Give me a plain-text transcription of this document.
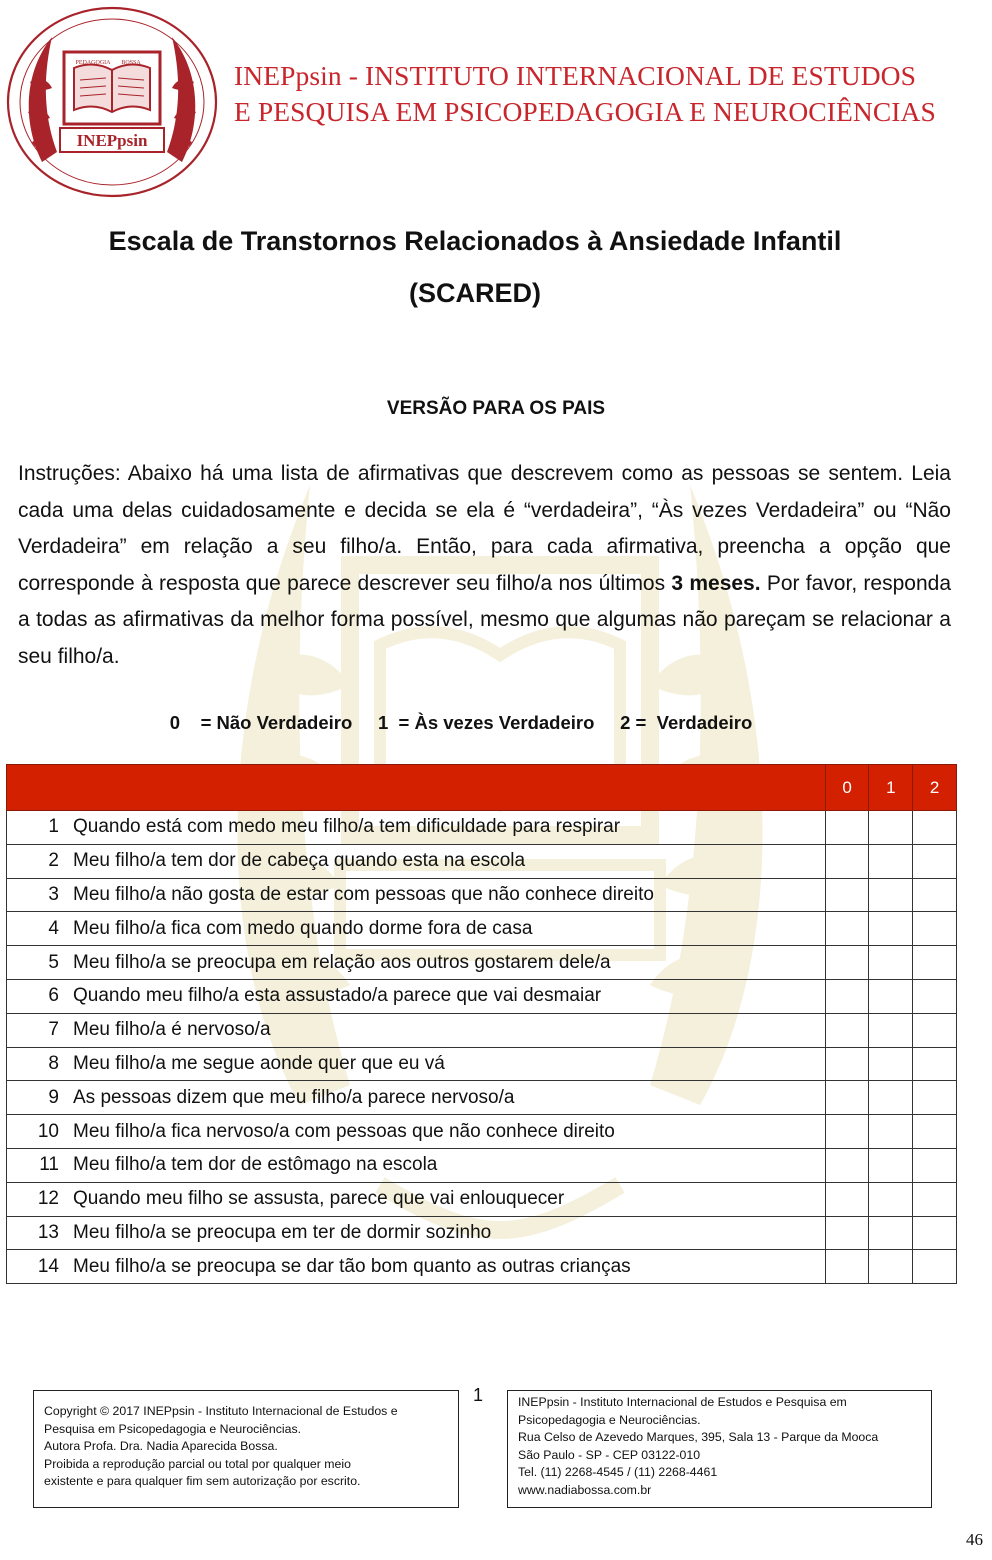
INEPpsin
PEDAGOGIA BOSSA	INEPpsin - INSTITUTO INTERNACIONAL DE ESTUDOS
E PESQUISA EM PSICOPEDAGOGIA E NEUROCIÊNCIAS
Escala de Transtornos Relacionados à Ansiedade Infantil
(SCARED)
VERSÃO PARA OS PAIS
Instruções: Abaixo há uma lista de afirmativas que descrevem como as pessoas se sentem. Leia cada uma delas cuidadosamente e decida se ela é “verdadeira”, “Às vezes Verdadeira” ou “Não Verdadeira” em relação a seu filho/a. Então, para cada afirmativa, preencha a opção que corresponde à resposta que parece descrever seu filho/a nos últimos 3 meses. Por favor, responda a todas as afirmativas da melhor forma possível, mesmo que algumas não pareçam se relacionar a seu filho/a.
0    = Não Verdadeiro     1  = Às vezes Verdadeiro     2 =  Verdadeiro
	0	1	2
1 Quando está com medo meu filho/a tem dificuldade para respirar			
2 Meu filho/a tem dor de cabeça quando esta na escola			
3 Meu filho/a não gosta de estar com pessoas que não conhece direito			
4 Meu filho/a fica com medo quando dorme fora de casa			
5 Meu filho/a se preocupa em relação aos outros gostarem dele/a			
6 Quando meu filho/a esta assustado/a parece que vai desmaiar			
7 Meu filho/a é nervoso/a			
8 Meu filho/a me segue aonde quer que eu vá			
9 As pessoas dizem que meu filho/a parece nervoso/a			
10 Meu filho/a fica nervoso/a com pessoas que não conhece direito			
11 Meu filho/a tem dor de estômago na escola			
12 Quando meu filho se assusta, parece que vai enlouquecer			
13 Meu filho/a se preocupa em ter de dormir sozinho			
14 Meu filho/a se preocupa se dar tão bom quanto as outras crianças			
1
Copyright © 2017 INEPpsin - Instituto Internacional de Estudos e
Pesquisa em Psicopedagogia e Neurociências.
Autora Profa. Dra. Nadia Aparecida Bossa.
Proibida a reprodução parcial ou total por qualquer meio
existente e para qualquer fim sem autorização por escrito.
INEPpsin - Instituto Internacional de Estudos e Pesquisa em
Psicopedagogia e Neurociências.
Rua Celso de Azevedo Marques, 395, Sala 13 - Parque da Mooca
São Paulo - SP - CEP 03122-010
Tel. (11) 2268-4545 / (11) 2268-4461
www.nadiabossa.com.br
46
